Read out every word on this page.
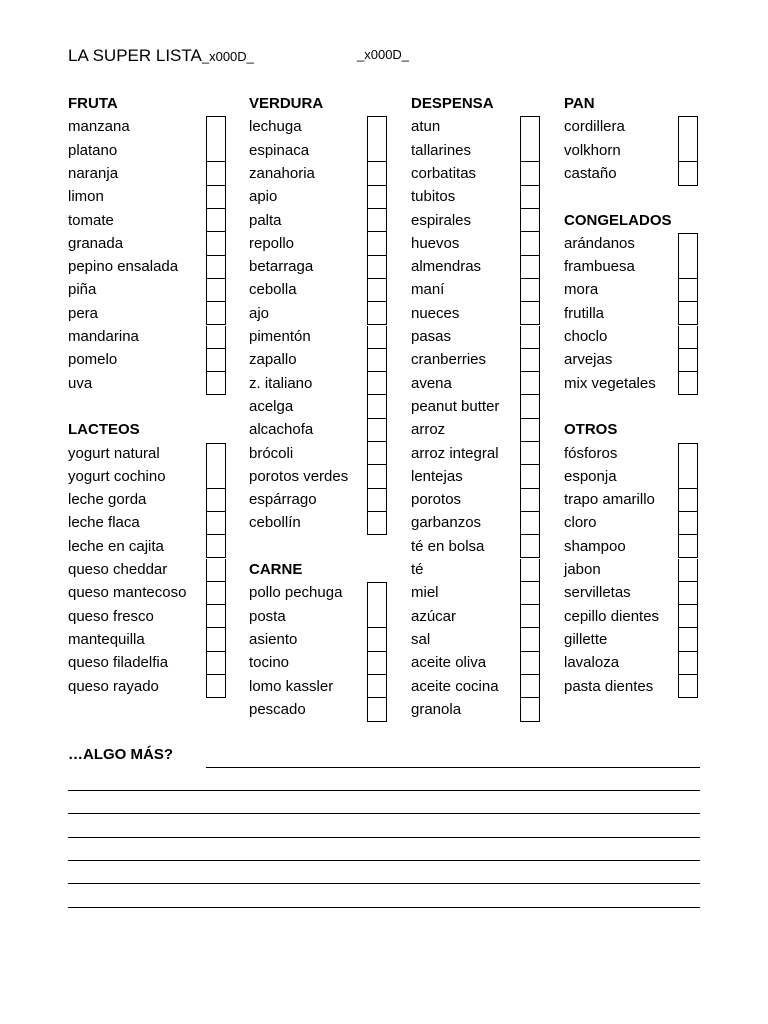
LA SUPER LISTA_x000D_	_x000D_
FRUTA
manzana
platano
naranja
limon
tomate
granada
pepino ensalada
piña
pera
mandarina
pomelo
uva
LACTEOS
yogurt natural
yogurt cochino
leche gorda
leche flaca
leche en cajita
queso cheddar
queso mantecoso
queso fresco
mantequilla
queso filadelfia
queso rayado
VERDURA
lechuga
espinaca
zanahoria
apio
palta
repollo
betarraga
cebolla
ajo
pimentón
zapallo
z. italiano
acelga
alcachofa
brócoli
porotos verdes
espárrago
cebollín
CARNE
pollo pechuga
posta
asiento
tocino
lomo kassler
pescado
DESPENSA
atun
tallarines
corbatitas
tubitos
espirales
huevos
almendras
maní
nueces
pasas
cranberries
avena
peanut butter
arroz
arroz integral
lentejas
porotos
garbanzos
té en bolsa
té
miel
azúcar
sal
aceite oliva
aceite cocina
granola
PAN
cordillera
volkhorn
castaño
CONGELADOS
arándanos
frambuesa
mora
frutilla
choclo
arvejas
mix vegetales
OTROS
fósforos
esponja
trapo amarillo
cloro
shampoo
jabon
servilletas
cepillo dientes
gillette
lavaloza
pasta dientes
…ALGO MÁS?
